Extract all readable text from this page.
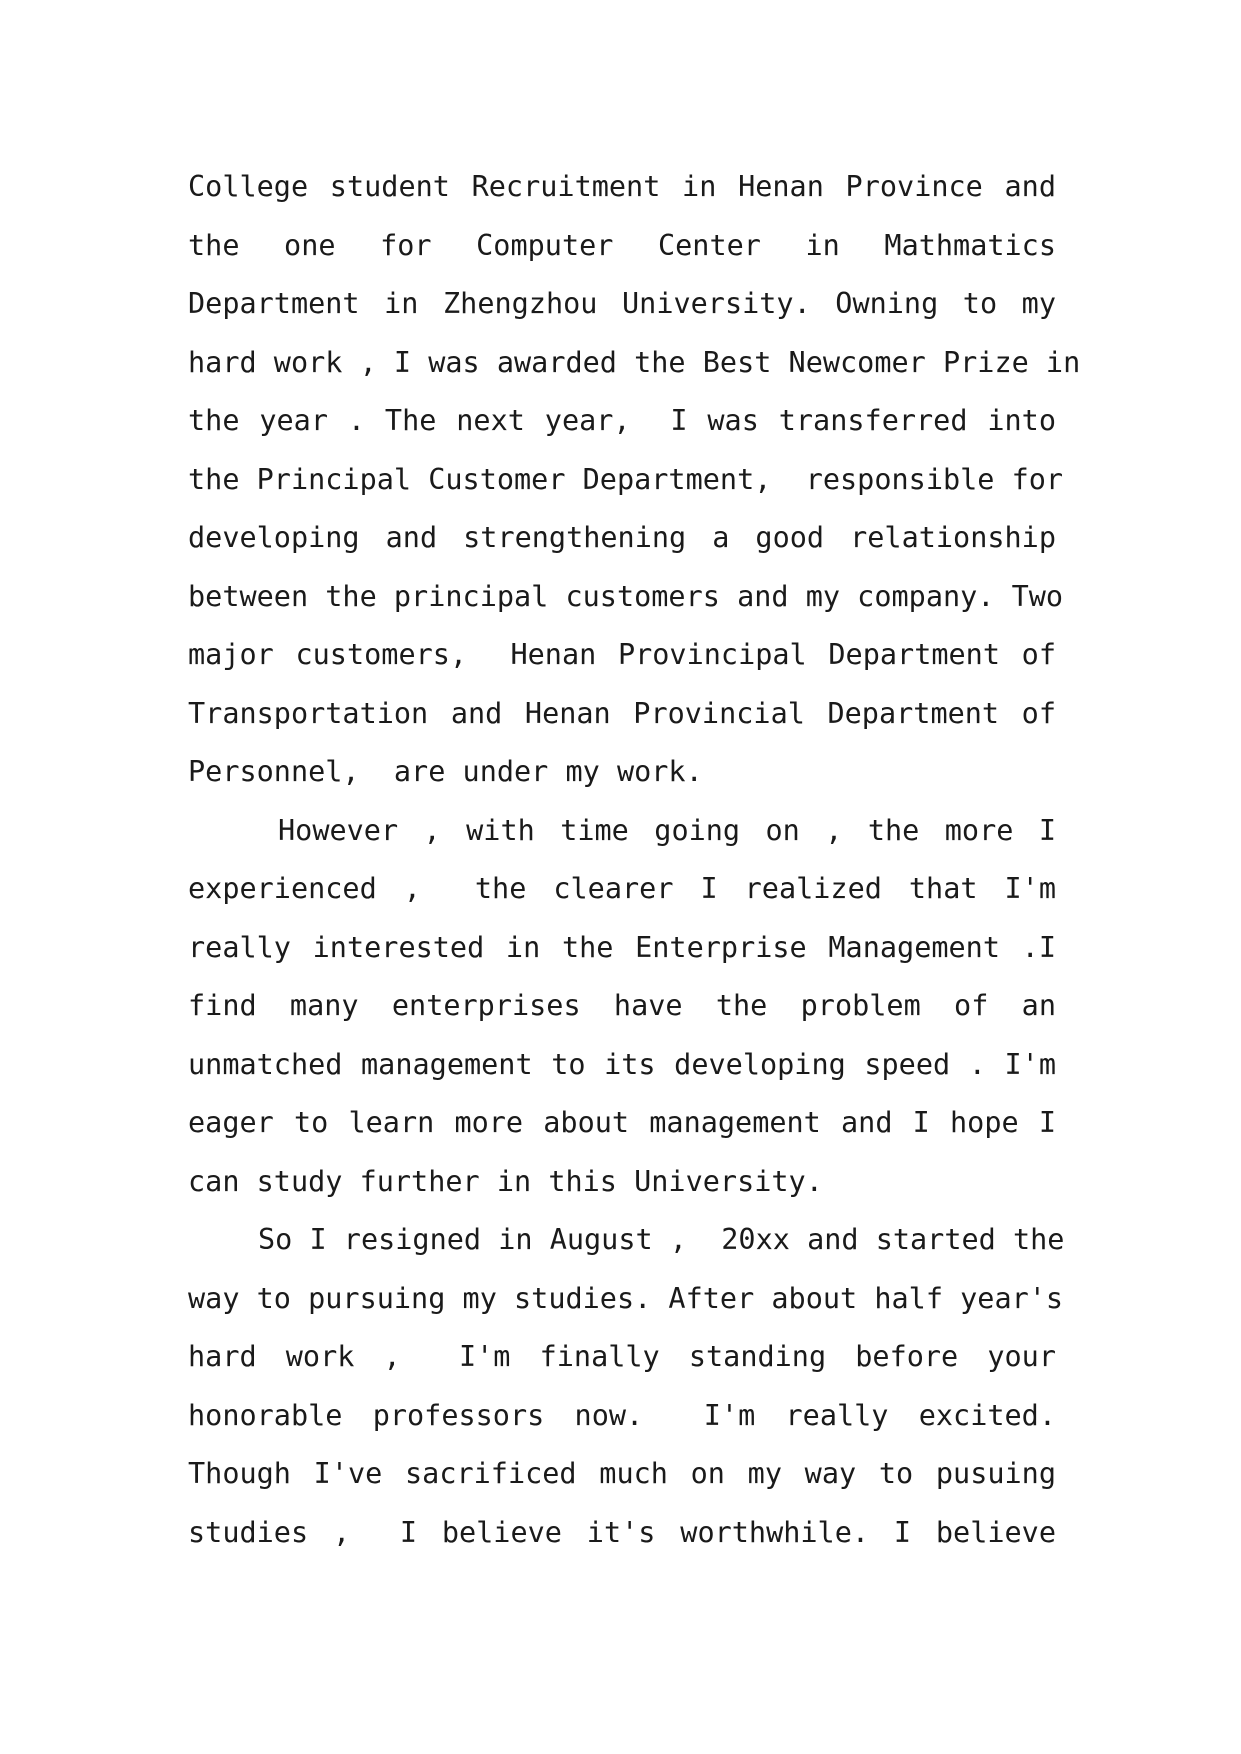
College student Recruitment in Henan Province and
the one for Computer Center in Mathmatics
Department in Zhengzhou University. Owning to my
hard work , I was awarded the Best Newcomer Prize in
the year . The next year,  I was transferred into
the Principal Customer Department,  responsible for
developing and strengthening a good relationship
between the principal customers and my company. Two
major customers,  Henan Provincipal Department of
Transportation and Henan Provincial Department of
Personnel,  are under my work.
However , with time going on , the more I
experienced ,  the clearer I realized that I'm
really interested in the Enterprise Management .I
find many enterprises have the problem of an
unmatched management to its developing speed . I'm
eager to learn more about management and I hope I
can study further in this University.
So I resigned in August ,  20xx and started the
way to pursuing my studies. After about half year's
hard work ,  I'm finally standing before your
honorable professors now.  I'm really excited.
Though I've sacrificed much on my way to pusuing
studies ,  I believe it's worthwhile. I believe
